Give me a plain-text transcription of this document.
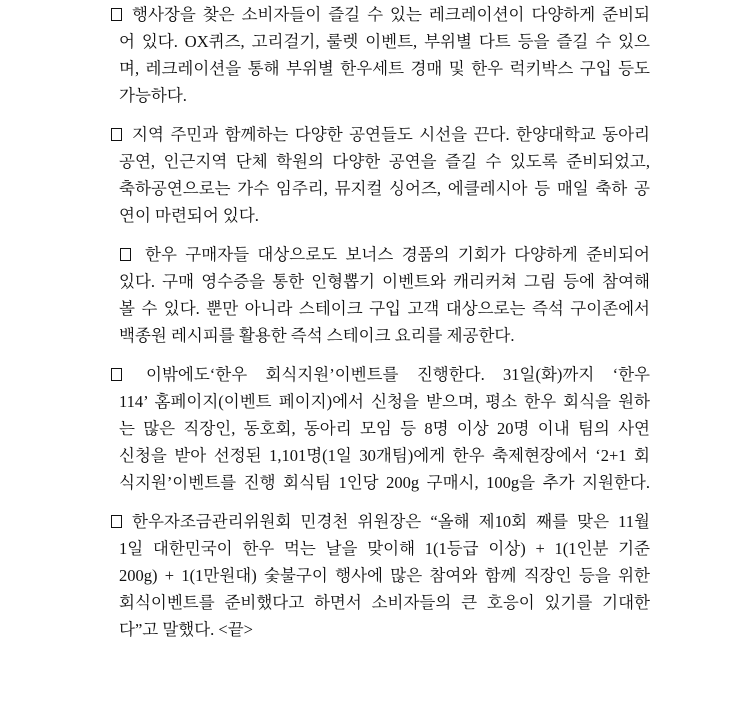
행사장을 찾은 소비자들이 즐길 수 있는 레크레이션이 다양하게 준비되
어 있다. OX퀴즈, 고리걸기, 룰렛 이벤트, 부위별 다트 등을 즐길 수 있으
며, 레크레이션을 통해 부위별 한우세트 경매 및 한우 럭키박스 구입 등도
가능하다.
지역 주민과 함께하는 다양한 공연들도 시선을 끈다. 한양대학교 동아리
공연, 인근지역 단체 학원의 다양한 공연을 즐길 수 있도록 준비되었고,
축하공연으로는 가수 임주리, 뮤지컬 싱어즈, 에클레시아 등 매일 축하 공
연이 마련되어 있다.
한우 구매자들 대상으로도 보너스 경품의 기회가 다양하게 준비되어
있다. 구매 영수증을 통한 인형뽑기 이벤트와 캐리커쳐 그림 등에 참여해
볼 수 있다. 뿐만 아니라 스테이크 구입 고객 대상으로는 즉석 구이존에서
백종원 레시피를 활용한 즉석 스테이크 요리를 제공한다.
이밖에도‘한우 회식지원’이벤트를 진행한다. 31일(화)까지 ‘한우
114’ 홈페이지(이벤트 페이지)에서 신청을 받으며, 평소 한우 회식을 원하
는 많은 직장인, 동호회, 동아리 모임 등 8명 이상 20명 이내 팀의 사연
신청을 받아 선정된 1,101명(1일 30개팀)에게 한우 축제현장에서 ‘2+1 회
식지원’이벤트를 진행 회식팀 1인당 200g 구매시, 100g을 추가 지원한다.
한우자조금관리위원회 민경천 위원장은 “올해 제10회 째를 맞은 11월
1일 대한민국이 한우 먹는 날을 맞이해 1(1등급 이상) + 1(1인분 기준
200g) + 1(1만원대) 숯불구이 행사에 많은 참여와 함께 직장인 등을 위한
회식이벤트를 준비했다고 하면서 소비자들의 큰 호응이 있기를 기대한
다”고 말했다. <끝>
